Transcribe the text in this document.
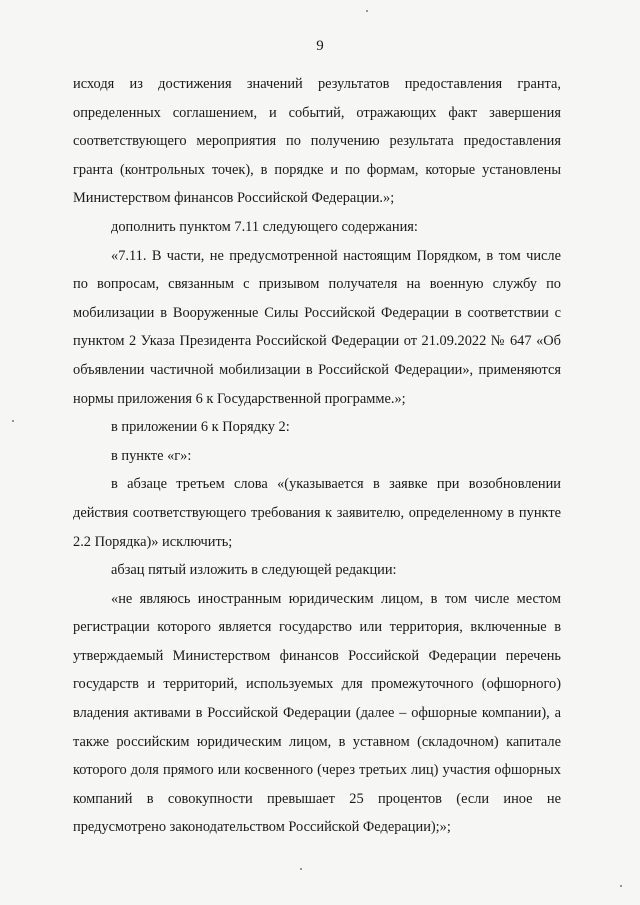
9

исходя из достижения значений результатов предоставления гранта, определенных соглашением, и событий, отражающих факт завершения соответствующего мероприятия по получению результата предоставления гранта (контрольных точек), в порядке и по формам, которые установлены Министерством финансов Российской Федерации.»;

дополнить пунктом 7.11 следующего содержания:

«7.11. В части, не предусмотренной настоящим Порядком, в том числе по вопросам, связанным с призывом получателя на военную службу по мобилизации в Вооруженные Силы Российской Федерации в соответствии с пунктом 2 Указа Президента Российской Федерации от 21.09.2022 № 647 «Об объявлении частичной мобилизации в Российской Федерации», применяются нормы приложения 6 к Государственной программе.»;

в приложении 6 к Порядку 2:

в пункте «г»:

в абзаце третьем слова «(указывается в заявке при возобновлении действия соответствующего требования к заявителю, определенному в пункте 2.2 Порядка)» исключить;

абзац пятый изложить в следующей редакции:

«не являюсь иностранным юридическим лицом, в том числе местом регистрации которого является государство или территория, включенные в утверждаемый Министерством финансов Российской Федерации перечень государств и территорий, используемых для промежуточного (офшорного) владения активами в Российской Федерации (далее – офшорные компании), а также российским юридическим лицом, в уставном (складочном) капитале которого доля прямого или косвенного (через третьих лиц) участия офшорных компаний в совокупности превышает 25 процентов (если иное не предусмотрено законодательством Российской Федерации);»;
